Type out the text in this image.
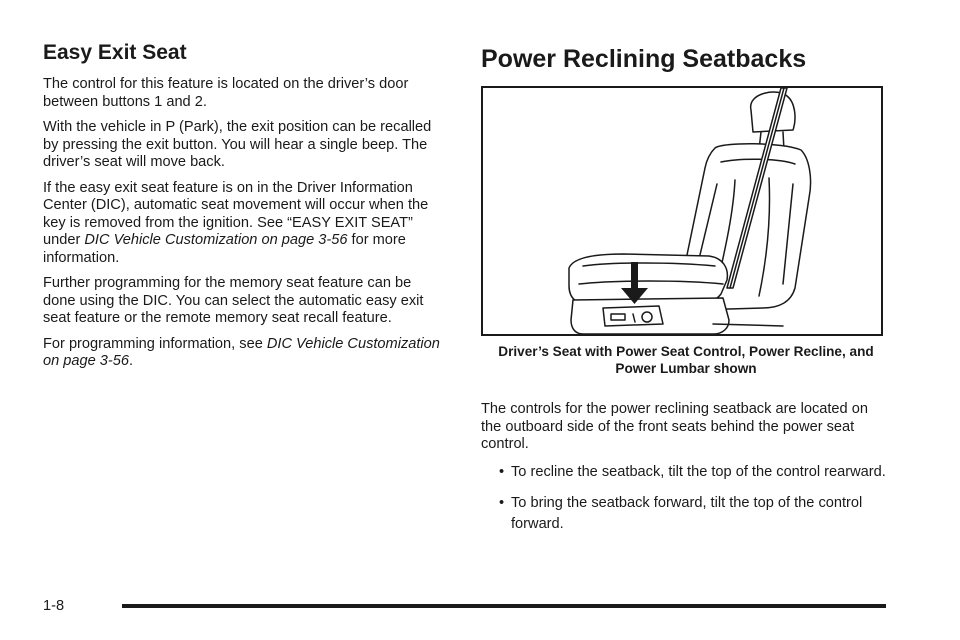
Easy Exit Seat

The control for this feature is located on the driver’s door between buttons 1 and 2.

With the vehicle in P (Park), the exit position can be recalled by pressing the exit button. You will hear a single beep. The driver’s seat will move back.

If the easy exit seat feature is on in the Driver Information Center (DIC), automatic seat movement will occur when the key is removed from the ignition. See “EASY EXIT SEAT” under DIC Vehicle Customization on page 3-56 for more information.

Further programming for the memory seat feature can be done using the DIC. You can select the automatic easy exit seat feature or the remote memory seat recall feature.

For programming information, see DIC Vehicle Customization on page 3-56.

Power Reclining Seatbacks
Driver’s Seat with Power Seat Control, Power Recline, and Power Lumbar shown

The controls for the power reclining seatback are located on the outboard side of the front seats behind the power seat control.

• To recline the seatback, tilt the top of the control rearward.
• To bring the seatback forward, tilt the top of the control forward.
1-8
